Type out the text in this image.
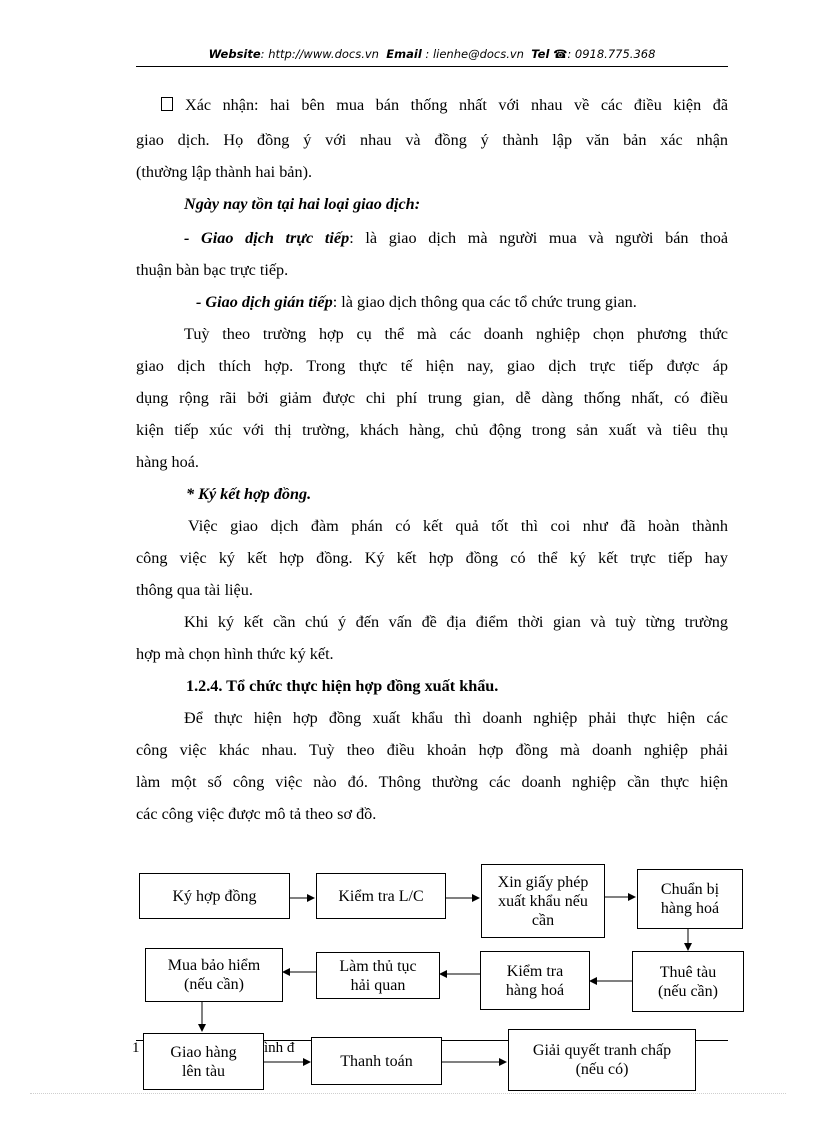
Website: http://www.docs.vn Email : lienhe@docs.vn Tel ☎: 0918.775.368
Xác nhận: hai bên mua bán thống nhất với nhau về các điều kiện đã
giao dịch. Họ đồng ý với nhau và đồng ý thành lập văn bản xác nhận
(thường lập thành hai bản).
Ngày nay tồn tại hai loại giao dịch:
- Giao dịch trực tiếp: là giao dịch mà người mua và người bán thoả
thuận bàn bạc trực tiếp.
- Giao dịch gián tiếp: là giao dịch thông qua các tổ chức trung gian.
Tuỳ theo trường hợp cụ thể mà các doanh nghiệp chọn phương thức
giao dịch thích hợp. Trong thực tế hiện nay, giao dịch trực tiếp được áp
dụng rộng rãi bởi giảm được chi phí trung gian, dễ dàng thống nhất, có điều
kiện tiếp xúc với thị trường, khách hàng, chủ động trong sản xuất và tiêu thụ
hàng hoá.
* Ký kết hợp đồng.
Việc giao dịch đàm phán có kết quả tốt thì coi như đã hoàn thành
công việc ký kết hợp đồng. Ký kết hợp đồng có thể ký kết trực tiếp hay
thông qua tài liệu.
Khi ký kết cần chú ý đến vấn đề địa điểm thời gian và tuỳ từng trường
hợp mà chọn hình thức ký kết.
1.2.4. Tổ chức thực hiện hợp đồng xuất khẩu.
Để thực hiện hợp đồng xuất khẩu thì doanh nghiệp phải thực hiện các
công việc khác nhau. Tuỳ theo điều khoản hợp đồng mà doanh nghiệp phải
làm một số công việc nào đó. Thông thường các doanh nghiệp cần thực hiện
các công việc được mô tả theo sơ đồ.
1	ình đ
Ký hợp đồng	Kiểm tra L/C
Xin giấy phép xuất khẩu nếu cần
Chuẩn bị hàng hoá
Thuê tàu (nếu cần)
Kiểm tra hàng hoá
Làm thủ tục hải quan
Mua bảo hiểm (nếu cần)
Giao hàng lên tàu
Thanh toán
Giải quyết tranh chấp (nếu có)
